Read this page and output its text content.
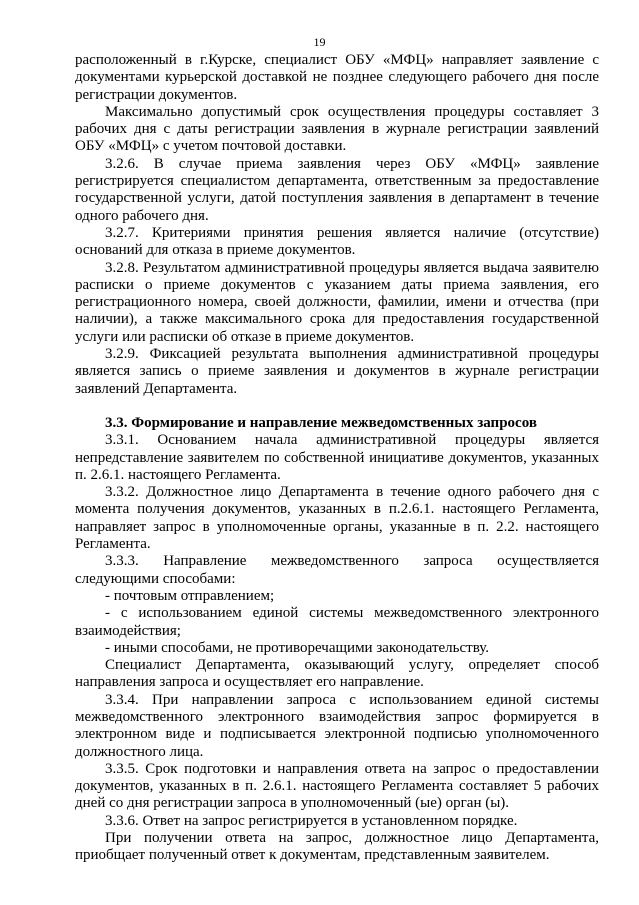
19

расположенный в г.Курске, специалист ОБУ «МФЦ» направляет заявление с документами курьерской доставкой не позднее следующего рабочего дня после регистрации документов.

Максимально допустимый срок осуществления процедуры составляет 3 рабочих дня с даты регистрации заявления в журнале регистрации заявлений ОБУ «МФЦ» с учетом почтовой доставки.

3.2.6. В случае приема заявления через ОБУ «МФЦ» заявление регистрируется специалистом департамента, ответственным за предоставление государственной услуги, датой поступления заявления в департамент в течение одного рабочего дня.

3.2.7. Критериями принятия решения является наличие (отсутствие) оснований для отказа в приеме документов.

3.2.8. Результатом административной процедуры является выдача заявителю расписки о приеме документов с указанием даты приема заявления, его регистрационного номера, своей должности, фамилии, имени и отчества (при наличии), а также максимального срока для предоставления государственной услуги или расписки об отказе в приеме документов.

3.2.9. Фиксацией результата выполнения административной процедуры является запись о приеме заявления и документов в журнале регистрации заявлений Департамента.

3.3. Формирование и направление межведомственных запросов

3.3.1. Основанием начала административной процедуры является непредставление заявителем по собственной инициативе документов, указанных п. 2.6.1. настоящего Регламента.

3.3.2. Должностное лицо Департамента в течение одного рабочего дня с момента получения документов, указанных в п.2.6.1. настоящего Регламента, направляет запрос в уполномоченные органы, указанные в п. 2.2. настоящего Регламента.

3.3.3. Направление межведомственного запроса осуществляется следующими способами:

- почтовым отправлением;

- с использованием единой системы межведомственного электронного взаимодействия;

- иными способами, не противоречащими законодательству.

Специалист Департамента, оказывающий услугу, определяет способ направления запроса и осуществляет его направление.

3.3.4. При направлении запроса с использованием единой системы межведомственного электронного взаимодействия запрос формируется в электронном виде и подписывается электронной подписью уполномоченного должностного лица.

3.3.5. Срок подготовки и направления ответа на запрос о предоставлении документов, указанных в п. 2.6.1. настоящего Регламента составляет 5 рабочих дней со дня регистрации запроса в уполномоченный (ые) орган (ы).

3.3.6. Ответ на запрос регистрируется в установленном порядке.

При получении ответа на запрос, должностное лицо Департамента, приобщает полученный ответ к документам, представленным заявителем.
